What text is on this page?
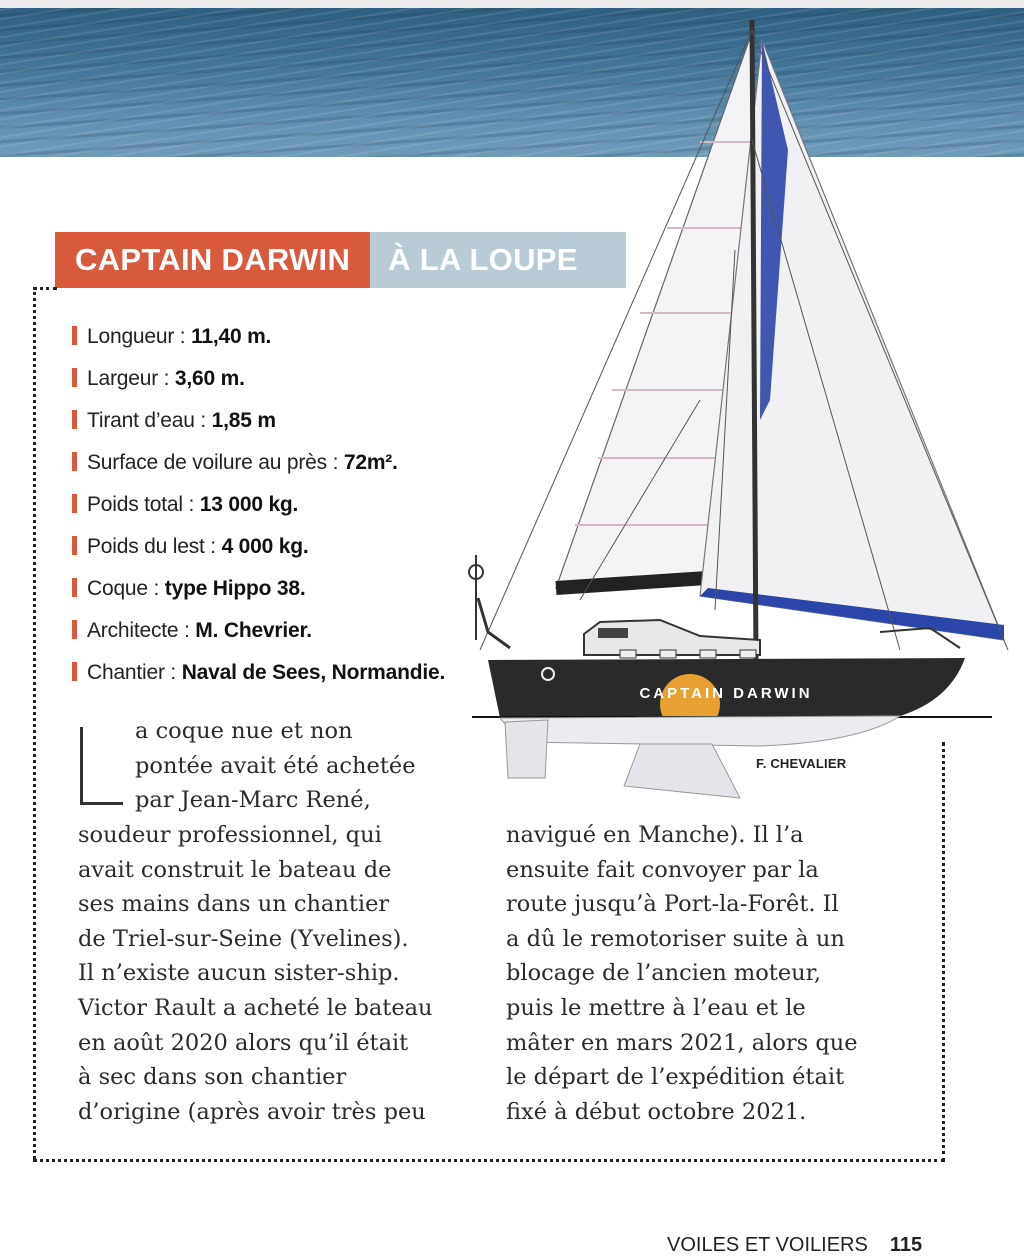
CAPTAIN DARWIN	À LA LOUPE
Longueur : 11,40 m.
Largeur : 3,60 m.
Tirant d’eau : 1,85 m
Surface de voilure au près : 72m².
Poids total : 13 000 kg.
Poids du lest : 4 000 kg.
Coque : type Hippo 38.
Architecte : M. Chevrier.
Chantier : Naval de Sees, Normandie.
CAPTAIN DARWIN
F. CHEVALIER
a coque nue et non
pontée avait été achetée
par Jean-Marc René,
soudeur professionnel, qui
avait construit le bateau de
ses mains dans un chantier
de Triel-sur-Seine (Yvelines).
Il n’existe aucun sister-ship.
Victor Rault a acheté le bateau
en août 2020 alors qu’il était
à sec dans son chantier
d’origine (après avoir très peu
navigué en Manche). Il l’a
ensuite fait convoyer par la
route jusqu’à Port-la-Forêt. Il
a dû le remotoriser suite à un
blocage de l’ancien moteur,
puis le mettre à l’eau et le
mâter en mars 2021, alors que
le départ de l’expédition était
fixé à début octobre 2021.
VOILES ET VOILIERS 115
